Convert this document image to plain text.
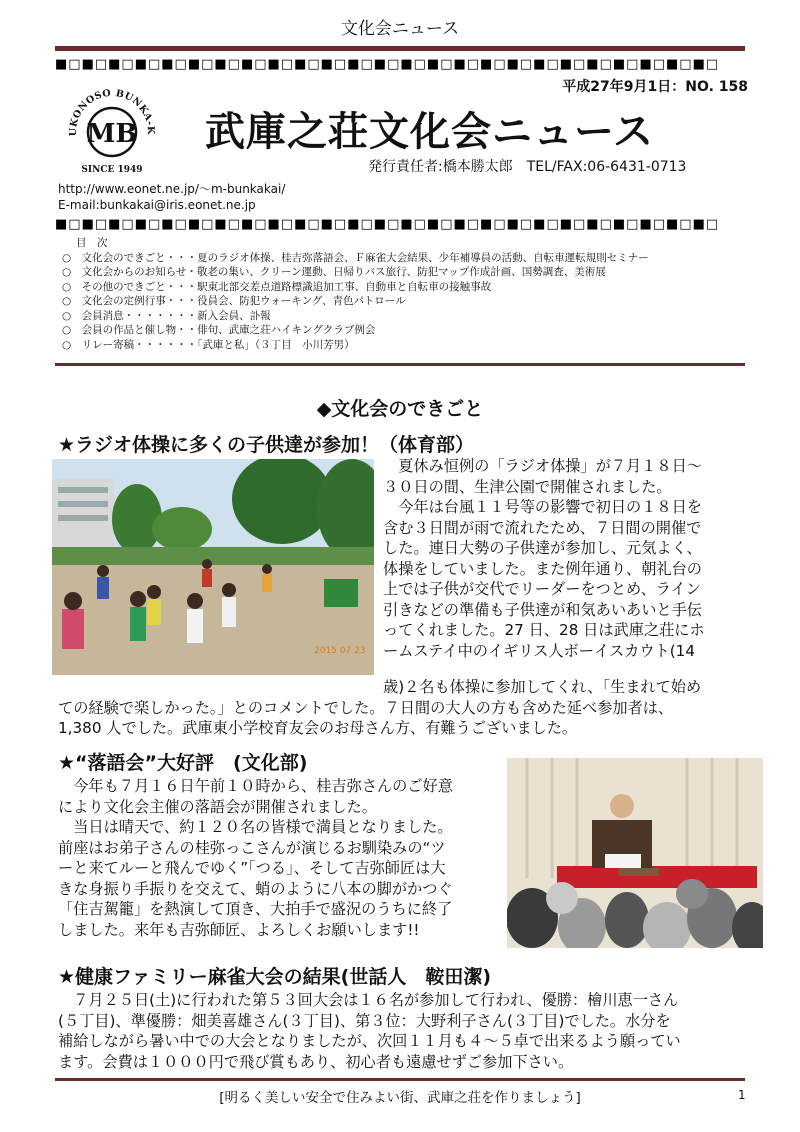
文化会ニュース
■□■□■□■□■□■□■□■□■□■□■□■□■□■□■□■□■□■□■□■□■□■□■□■□■□
平成27年9月1日：NO. 158
UKONOSO BUNKA-K
MB
SINCE 1949
武庫之荘文化会ニュース
発行責任者:橋本勝太郎　TEL/FAX:06-6431-0713
http://www.eonet.ne.jp/～m-bunkakai/
E-mail:bunkakai@iris.eonet.ne.jp
■□■□■□■□■□■□■□■□■□■□■□■□■□■□■□■□■□■□■□■□■□■□■□■□■□
目　次
○　文化会のできごと・・・夏のラジオ体操、桂吉弥落語会、Ｆ麻雀大会結果、少年補導員の活動、自転車運転規則セミナー
○　文化会からのお知らせ・敬老の集い、クリーン運動、日帰りバス旅行、防犯マップ作成計画、国勢調査、美術展
○　その他のできごと・・・駅東北部交差点道路標識追加工事、自動車と自転車の接触事故
○　文化会の定例行事・・・役員会、防犯ウォーキング、青色パトロール
○　会員消息・・・・・・・新入会員、訃報
○　会員の作品と催し物・・俳句、武庫之荘ハイキングクラブ例会
○　リレー寄稿・・・・・・「武庫と私」（３丁目　小川芳男）
◆文化会のできごと
★ラジオ体操に多くの子供達が参加！（体育部）
2015 07 23
　夏休み恒例の「ラジオ体操」が７月１８日～
３０日の間、生津公園で開催されました。
　今年は台風１１号等の影響で初日の１８日を
含む３日間が雨で流れたため、７日間の開催で
した。連日大勢の子供達が参加し、元気よく、
体操をしていました。また例年通り、朝礼台の
上では子供が交代でリーダーをつとめ、ライン
引きなどの準備も子供達が和気あいあいと手伝
ってくれました。27 日、28 日は武庫之荘にホ
ームステイ中のイギリス人ボーイスカウト(14
歳)２名も体操に参加してくれ、「生まれて始め
ての経験で楽しかった。」とのコメントでした。７日間の大人の方も含めた延べ参加者は、
1,380 人でした。武庫東小学校育友会のお母さん方、有難うございました。
★“落語会”大好評　(文化部)
　今年も７月１６日午前１０時から、桂吉弥さんのご好意
により文化会主催の落語会が開催されました。
　当日は晴天で、約１２０名の皆様で満員となりました。
前座はお弟子さんの桂弥っこさんが演じるお馴染みの“ツ
ーと来てルーと飛んでゆく”「つる」、そして吉弥師匠は大
きな身振り手振りを交えて、蛸のように八本の脚がかつぐ
「住吉駕籠」を熱演して頂き、大拍手で盛況のうちに終了
しました。来年も吉弥師匠、よろしくお願いします!!
★健康ファミリー麻雀大会の結果(世話人　鞍田潔)
　７月２５日(土)に行われた第５３回大会は１６名が参加して行われ、優勝：檜川恵一さん
(５丁目)、準優勝：畑美喜雄さん(３丁目)、第３位：大野利子さん(３丁目)でした。水分を
補給しながら暑い中での大会となりましたが、次回１１月も４～５卓で出来るよう願ってい
ます。会費は１０００円で飛び賞もあり、初心者も遠慮せずご参加下さい。
[明るく美しい安全で住みよい街、武庫之荘を作りましょう]	1
